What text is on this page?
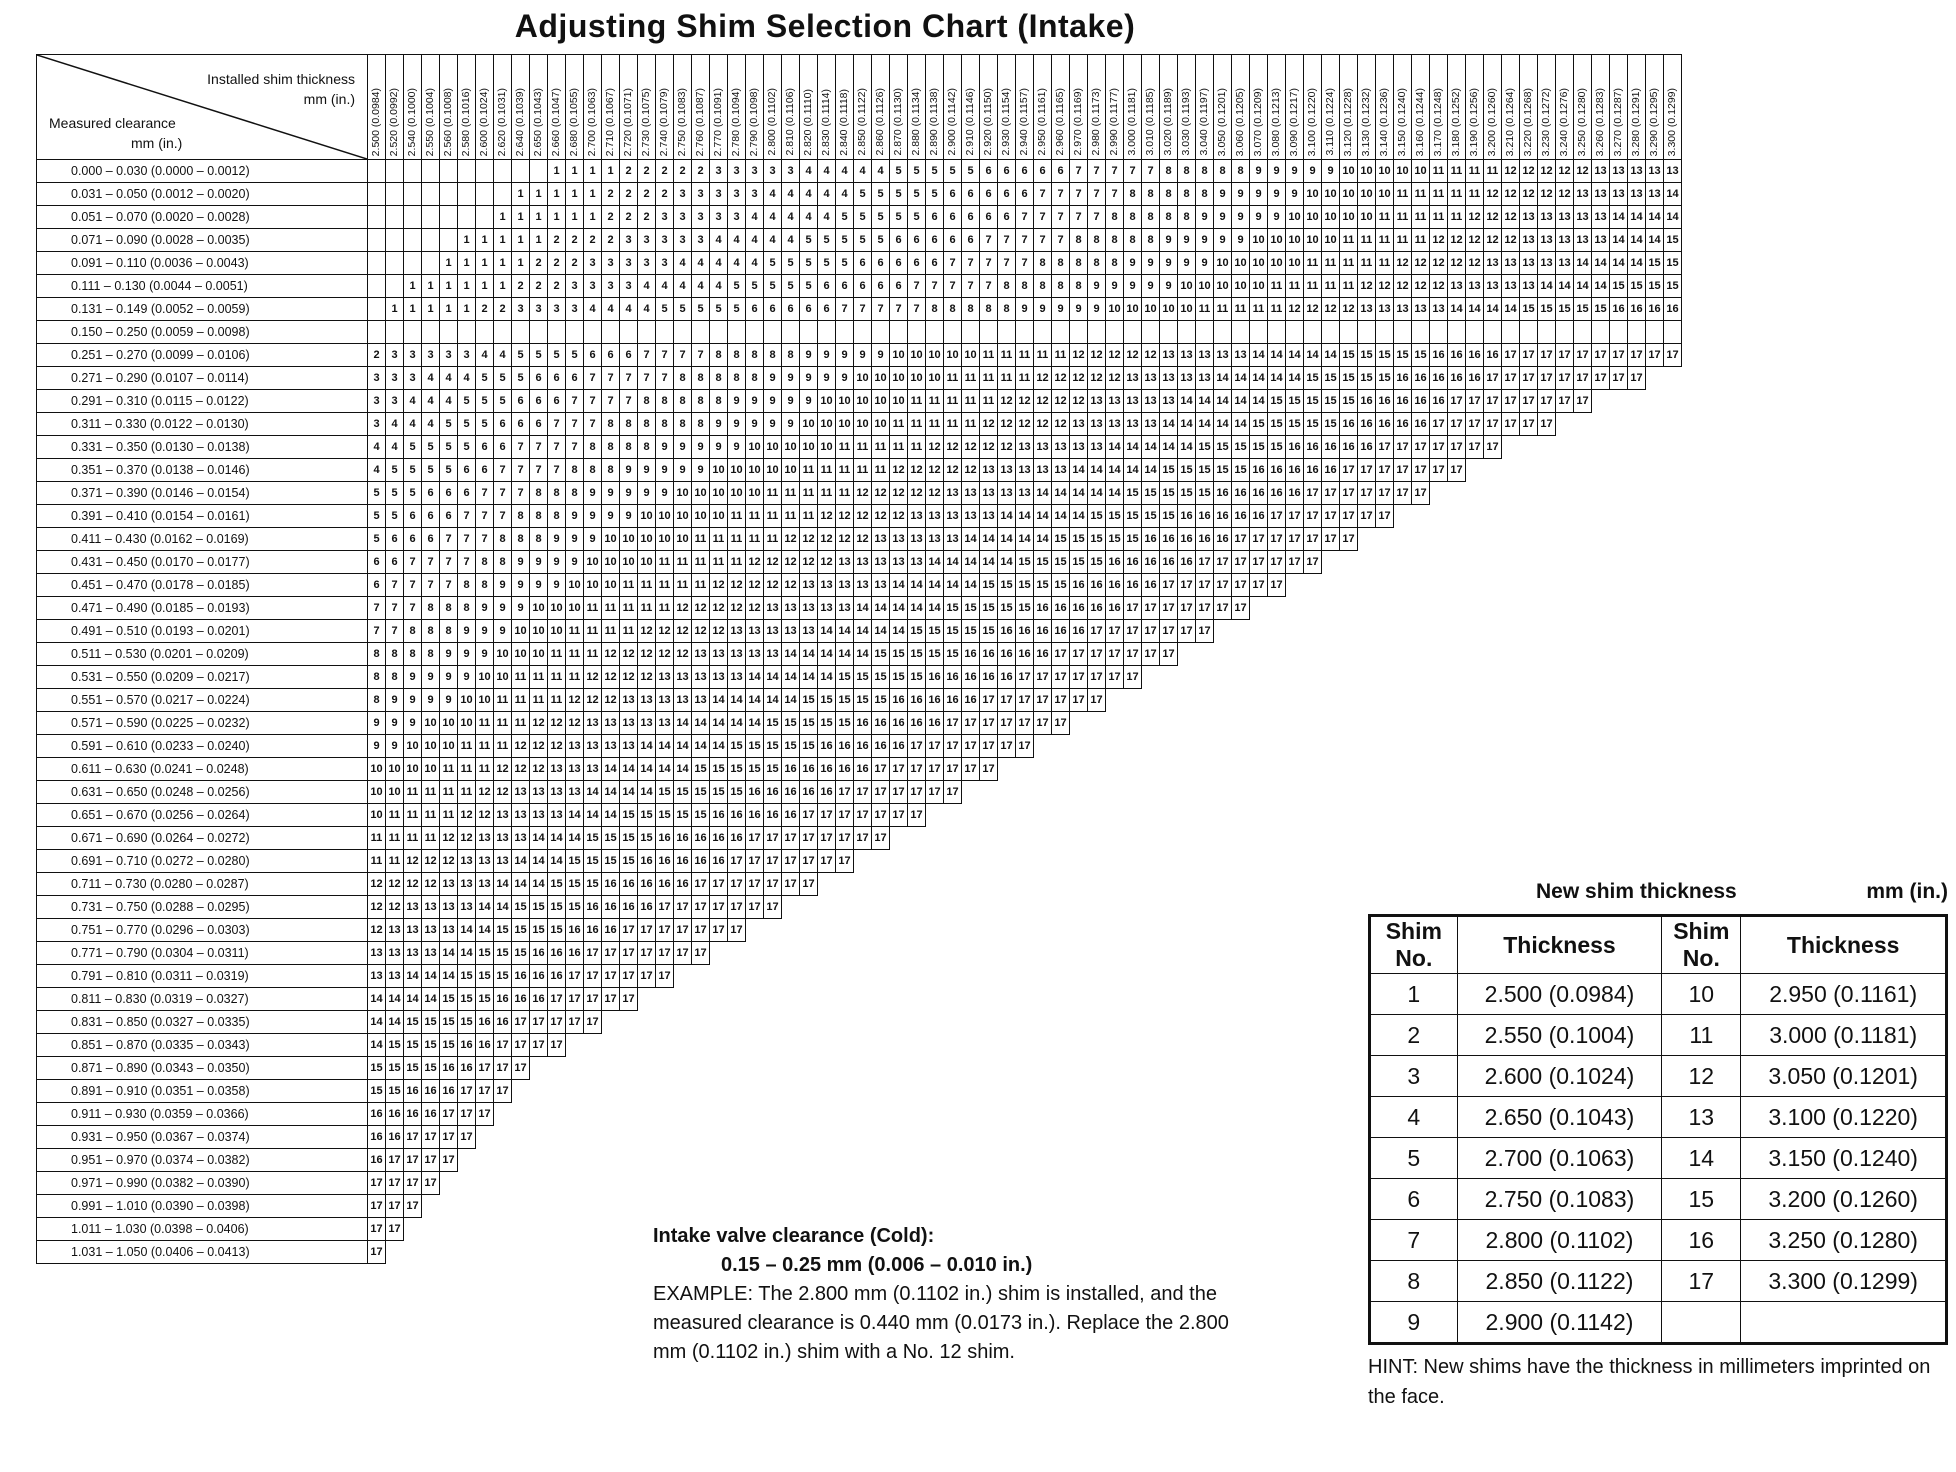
Adjusting Shim Selection Chart (Intake)
Installed shim thickness
mm (in.)
Measured clearance
mm (in.)	2.500 (0.0984)	2.520 (0.0992)	2.540 (0.1000)	2.550 (0.1004)	2.560 (0.1008)	2.580 (0.1016)	2.600 (0.1024)	2.620 (0.1031)	2.640 (0.1039)	2.650 (0.1043)	2.660 (0.1047)	2.680 (0.1055)	2.700 (0.1063)	2.710 (0.1067)	2.720 (0.1071)	2.730 (0.1075)	2.740 (0.1079)	2.750 (0.1083)	2.760 (0.1087)	2.770 (0.1091)	2.780 (0.1094)	2.790 (0.1098)	2.800 (0.1102)	2.810 (0.1106)	2.820 (0.1110)	2.830 (0.1114)	2.840 (0.1118)	2.850 (0.1122)	2.860 (0.1126)	2.870 (0.1130)	2.880 (0.1134)	2.890 (0.1138)	2.900 (0.1142)	2.910 (0.1146)	2.920 (0.1150)	2.930 (0.1154)	2.940 (0.1157)	2.950 (0.1161)	2.960 (0.1165)	2.970 (0.1169)	2.980 (0.1173)	2.990 (0.1177)	3.000 (0.1181)	3.010 (0.1185)	3.020 (0.1189)	3.030 (0.1193)	3.040 (0.1197)	3.050 (0.1201)	3.060 (0.1205)	3.070 (0.1209)	3.080 (0.1213)	3.090 (0.1217)	3.100 (0.1220)	3.110 (0.1224)	3.120 (0.1228)	3.130 (0.1232)	3.140 (0.1236)	3.150 (0.1240)	3.160 (0.1244)	3.170 (0.1248)	3.180 (0.1252)	3.190 (0.1256)	3.200 (0.1260)	3.210 (0.1264)	3.220 (0.1268)	3.230 (0.1272)	3.240 (0.1276)	3.250 (0.1280)	3.260 (0.1283)	3.270 (0.1287)	3.280 (0.1291)	3.290 (0.1295)	3.300 (0.1299)

0.000 – 0.030 (0.0000 – 0.0012)											1	1	1	1	2	2	2	2	2	3	3	3	3	3	4	4	4	4	4	5	5	5	5	5	6	6	6	6	6	7	7	7	7	7	8	8	8	8	8	9	9	9	9	9	10	10	10	10	10	11	11	11	11	12	12	12	12	12	13	13	13	13	13
0.031 – 0.050 (0.0012 – 0.0020)									1	1	1	1	1	2	2	2	2	3	3	3	3	3	4	4	4	4	4	5	5	5	5	5	6	6	6	6	6	7	7	7	7	7	8	8	8	8	8	9	9	9	9	9	10	10	10	10	10	11	11	11	11	11	12	12	12	12	12	13	13	13	13	13	14
0.051 – 0.070 (0.0020 – 0.0028)								1	1	1	1	1	1	2	2	2	3	3	3	3	3	4	4	4	4	4	5	5	5	5	5	6	6	6	6	6	7	7	7	7	7	8	8	8	8	8	9	9	9	9	9	10	10	10	10	10	11	11	11	11	11	12	12	12	13	13	13	13	13	14	14	14	14
0.071 – 0.090 (0.0028 – 0.0035)						1	1	1	1	1	2	2	2	2	3	3	3	3	3	4	4	4	4	4	5	5	5	5	5	6	6	6	6	6	7	7	7	7	7	8	8	8	8	8	9	9	9	9	9	10	10	10	10	10	11	11	11	11	11	12	12	12	12	12	13	13	13	13	13	14	14	14	15
0.091 – 0.110 (0.0036 – 0.0043)					1	1	1	1	1	2	2	2	3	3	3	3	3	4	4	4	4	4	5	5	5	5	5	6	6	6	6	6	7	7	7	7	7	8	8	8	8	8	9	9	9	9	9	10	10	10	10	10	11	11	11	11	11	12	12	12	12	12	13	13	13	13	13	14	14	14	14	15	15
0.111 – 0.130 (0.0044 – 0.0051)			1	1	1	1	1	1	2	2	2	3	3	3	3	4	4	4	4	4	5	5	5	5	5	6	6	6	6	6	7	7	7	7	7	8	8	8	8	8	9	9	9	9	9	10	10	10	10	10	11	11	11	11	11	12	12	12	12	12	13	13	13	13	13	14	14	14	14	15	15	15	15
0.131 – 0.149 (0.0052 – 0.0059)		1	1	1	1	1	2	2	3	3	3	3	4	4	4	4	5	5	5	5	5	6	6	6	6	6	7	7	7	7	7	8	8	8	8	8	9	9	9	9	9	10	10	10	10	10	11	11	11	11	11	12	12	12	12	13	13	13	13	13	14	14	14	14	15	15	15	15	15	16	16	16	16
0.150 – 0.250 (0.0059 – 0.0098)																																																																									
0.251 – 0.270 (0.0099 – 0.0106)	2	3	3	3	3	3	4	4	5	5	5	5	6	6	6	7	7	7	7	8	8	8	8	8	9	9	9	9	9	10	10	10	10	10	11	11	11	11	11	12	12	12	12	12	13	13	13	13	13	14	14	14	14	14	15	15	15	15	15	16	16	16	16	17	17	17	17	17	17	17	17	17	17
0.271 – 0.290 (0.0107 – 0.0114)	3	3	3	4	4	4	5	5	5	6	6	6	7	7	7	7	7	8	8	8	8	8	9	9	9	9	9	10	10	10	10	10	11	11	11	11	11	12	12	12	12	12	13	13	13	13	13	14	14	14	14	14	15	15	15	15	15	16	16	16	16	16	17	17	17	17	17	17	17	17	17		
0.291 – 0.310 (0.0115 – 0.0122)	3	3	4	4	4	5	5	5	6	6	6	7	7	7	7	8	8	8	8	8	9	9	9	9	9	10	10	10	10	10	11	11	11	11	11	12	12	12	12	12	13	13	13	13	13	14	14	14	14	14	15	15	15	15	15	16	16	16	16	16	17	17	17	17	17	17	17	17					
0.311 – 0.330 (0.0122 – 0.0130)	3	4	4	4	5	5	5	6	6	6	7	7	7	8	8	8	8	8	8	9	9	9	9	9	10	10	10	10	10	11	11	11	11	11	12	12	12	12	12	13	13	13	13	13	14	14	14	14	14	15	15	15	15	15	16	16	16	16	16	17	17	17	17	17	17	17							
0.331 – 0.350 (0.0130 – 0.0138)	4	4	5	5	5	5	6	6	7	7	7	7	8	8	8	8	9	9	9	9	9	10	10	10	10	10	11	11	11	11	11	12	12	12	12	12	13	13	13	13	13	14	14	14	14	14	15	15	15	15	15	16	16	16	16	16	17	17	17	17	17	17	17										
0.351 – 0.370 (0.0138 – 0.0146)	4	5	5	5	5	6	6	7	7	7	7	8	8	8	9	9	9	9	9	10	10	10	10	10	11	11	11	11	11	12	12	12	12	12	13	13	13	13	13	14	14	14	14	14	15	15	15	15	15	16	16	16	16	16	17	17	17	17	17	17	17												
0.371 – 0.390 (0.0146 – 0.0154)	5	5	5	6	6	6	7	7	7	8	8	8	9	9	9	9	9	10	10	10	10	10	11	11	11	11	11	12	12	12	12	12	13	13	13	13	13	14	14	14	14	14	15	15	15	15	15	16	16	16	16	16	17	17	17	17	17	17	17														
0.391 – 0.410 (0.0154 – 0.0161)	5	5	6	6	6	7	7	7	8	8	8	9	9	9	9	10	10	10	10	10	11	11	11	11	11	12	12	12	12	12	13	13	13	13	13	14	14	14	14	14	15	15	15	15	15	16	16	16	16	16	17	17	17	17	17	17	17																
0.411 – 0.430 (0.0162 – 0.0169)	5	6	6	6	7	7	7	8	8	8	9	9	9	10	10	10	10	10	11	11	11	11	11	12	12	12	12	12	13	13	13	13	13	14	14	14	14	14	15	15	15	15	15	16	16	16	16	16	17	17	17	17	17	17	17																		
0.431 – 0.450 (0.0170 – 0.0177)	6	6	7	7	7	7	8	8	9	9	9	9	10	10	10	10	11	11	11	11	11	12	12	12	12	12	13	13	13	13	13	14	14	14	14	14	15	15	15	15	15	16	16	16	16	16	17	17	17	17	17	17	17																				
0.451 – 0.470 (0.0178 – 0.0185)	6	7	7	7	7	8	8	9	9	9	9	10	10	10	11	11	11	11	11	12	12	12	12	12	13	13	13	13	13	14	14	14	14	14	15	15	15	15	15	16	16	16	16	16	17	17	17	17	17	17	17																						
0.471 – 0.490 (0.0185 – 0.0193)	7	7	7	8	8	8	9	9	9	10	10	10	11	11	11	11	11	12	12	12	12	12	13	13	13	13	13	14	14	14	14	14	15	15	15	15	15	16	16	16	16	16	17	17	17	17	17	17	17																								
0.491 – 0.510 (0.0193 – 0.0201)	7	7	8	8	8	9	9	9	10	10	10	11	11	11	11	12	12	12	12	12	13	13	13	13	13	14	14	14	14	14	15	15	15	15	15	16	16	16	16	16	17	17	17	17	17	17	17																										
0.511 – 0.530 (0.0201 – 0.0209)	8	8	8	8	9	9	9	10	10	10	11	11	11	12	12	12	12	12	13	13	13	13	13	14	14	14	14	14	15	15	15	15	15	16	16	16	16	16	17	17	17	17	17	17	17																												
0.531 – 0.550 (0.0209 – 0.0217)	8	8	9	9	9	9	10	10	11	11	11	11	12	12	12	12	13	13	13	13	13	14	14	14	14	14	15	15	15	15	15	16	16	16	16	16	17	17	17	17	17	17	17																														
0.551 – 0.570 (0.0217 – 0.0224)	8	9	9	9	9	10	10	11	11	11	11	12	12	12	13	13	13	13	13	14	14	14	14	14	15	15	15	15	15	16	16	16	16	16	17	17	17	17	17	17	17																																
0.571 – 0.590 (0.0225 – 0.0232)	9	9	9	10	10	10	11	11	11	12	12	12	13	13	13	13	13	14	14	14	14	14	15	15	15	15	15	16	16	16	16	16	17	17	17	17	17	17	17																																		
0.591 – 0.610 (0.0233 – 0.0240)	9	9	10	10	10	11	11	11	12	12	12	13	13	13	13	14	14	14	14	14	15	15	15	15	15	16	16	16	16	16	17	17	17	17	17	17	17																																				
0.611 – 0.630 (0.0241 – 0.0248)	10	10	10	10	11	11	11	12	12	12	13	13	13	14	14	14	14	14	15	15	15	15	15	16	16	16	16	16	17	17	17	17	17	17	17																																						
0.631 – 0.650 (0.0248 – 0.0256)	10	10	11	11	11	11	12	12	13	13	13	13	14	14	14	14	15	15	15	15	15	16	16	16	16	16	17	17	17	17	17	17	17																																								
0.651 – 0.670 (0.0256 – 0.0264)	10	11	11	11	11	12	12	13	13	13	13	14	14	14	15	15	15	15	15	16	16	16	16	16	17	17	17	17	17	17	17																																										
0.671 – 0.690 (0.0264 – 0.0272)	11	11	11	11	12	12	13	13	13	14	14	14	15	15	15	15	16	16	16	16	16	17	17	17	17	17	17	17	17																																												
0.691 – 0.710 (0.0272 – 0.0280)	11	11	12	12	12	13	13	13	14	14	14	15	15	15	15	16	16	16	16	16	17	17	17	17	17	17	17																																														
0.711 – 0.730 (0.0280 – 0.0287)	12	12	12	12	13	13	13	14	14	14	15	15	15	16	16	16	16	16	17	17	17	17	17	17	17																																																
0.731 – 0.750 (0.0288 – 0.0295)	12	12	13	13	13	13	14	14	15	15	15	15	16	16	16	16	17	17	17	17	17	17	17																																																		
0.751 – 0.770 (0.0296 – 0.0303)	12	13	13	13	13	14	14	15	15	15	15	16	16	16	17	17	17	17	17	17	17																																																				
0.771 – 0.790 (0.0304 – 0.0311)	13	13	13	13	14	14	15	15	15	16	16	16	17	17	17	17	17	17	17																																																						
0.791 – 0.810 (0.0311 – 0.0319)	13	13	14	14	14	15	15	15	16	16	16	17	17	17	17	17	17																																																								
0.811 – 0.830 (0.0319 – 0.0327)	14	14	14	14	15	15	15	16	16	16	17	17	17	17	17																																																										
0.831 – 0.850 (0.0327 – 0.0335)	14	14	15	15	15	15	16	16	17	17	17	17	17																																																												
0.851 – 0.870 (0.0335 – 0.0343)	14	15	15	15	15	16	16	17	17	17	17																																																														
0.871 – 0.890 (0.0343 – 0.0350)	15	15	15	15	16	16	17	17	17																																																																
0.891 – 0.910 (0.0351 – 0.0358)	15	15	16	16	16	17	17	17																																																																	
0.911 – 0.930 (0.0359 – 0.0366)	16	16	16	16	17	17	17																																																																		
0.931 – 0.950 (0.0367 – 0.0374)	16	16	17	17	17	17																																																																			
0.951 – 0.970 (0.0374 – 0.0382)	16	17	17	17	17																																																																				
0.971 – 0.990 (0.0382 – 0.0390)	17	17	17	17																																																																					
0.991 – 1.010 (0.0390 – 0.0398)	17	17	17																																																																						
1.011 – 1.030 (0.0398 – 0.0406)	17	17																																																																							
1.031 – 1.050 (0.0406 – 0.0413)	17																																																																								
Intake valve clearance (Cold):
0.15 – 0.25 mm (0.006 – 0.010 in.)
EXAMPLE: The 2.800 mm (0.1102 in.) shim is installed, and the measured clearance is 0.440 mm (0.0173 in.). Replace the 2.800 mm (0.1102 in.) shim with a No. 12 shim.
New shim thickness	mm (in.)
Shim No.	Thickness	Shim No.	Thickness
1	2.500 (0.0984)	10	2.950 (0.1161)
2	2.550 (0.1004)	11	3.000 (0.1181)
3	2.600 (0.1024)	12	3.050 (0.1201)
4	2.650 (0.1043)	13	3.100 (0.1220)
5	2.700 (0.1063)	14	3.150 (0.1240)
6	2.750 (0.1083)	15	3.200 (0.1260)
7	2.800 (0.1102)	16	3.250 (0.1280)
8	2.850 (0.1122)	17	3.300 (0.1299)
9	2.900 (0.1142)		
HINT: New shims have the thickness in millimeters imprinted on the face.
